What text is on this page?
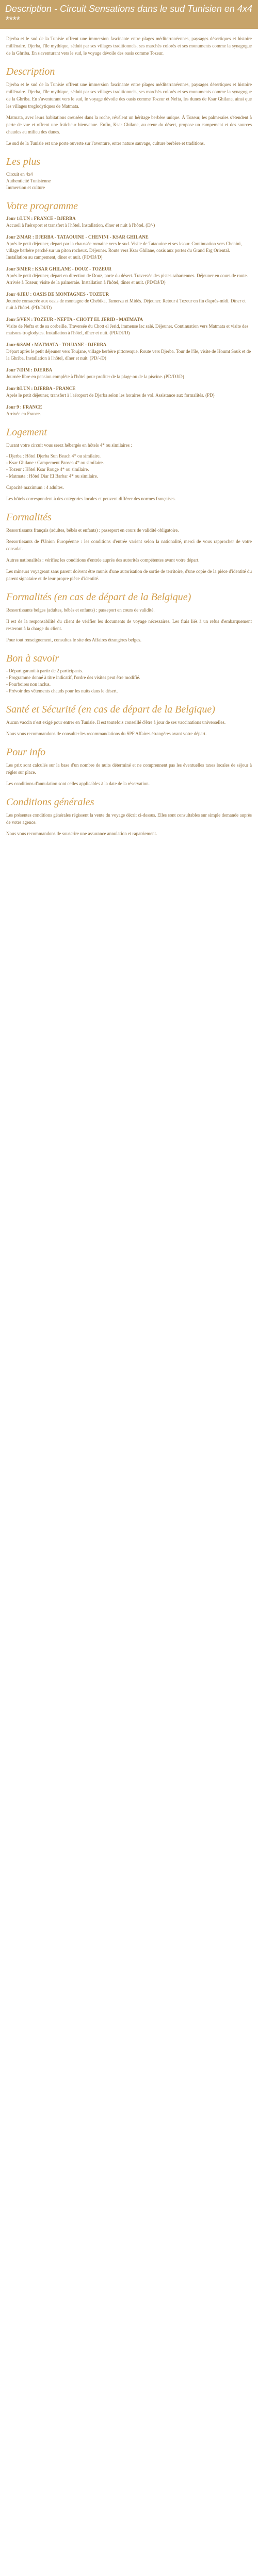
Description - Circuit Sensations dans le sud Tunisien en 4x4 ****

Djerba et le sud de la Tunisie offrent une immersion fascinante entre plages méditerranéennes, paysages désertiques et histoire millénaire. Djerba, l'île mythique, séduit par ses villages traditionnels, ses marchés colorés et ses monuments comme la synagogue de la Ghriba. En s'aventurant vers le sud, le voyage dévoile des oasis comme Tozeur.

Description

Djerba et le sud de la Tunisie offrent une immersion fascinante entre plages méditerranéennes, paysages désertiques et histoire millénaire. Djerba, l'île mythique, séduit par ses villages traditionnels, ses marchés colorés et ses monuments comme la synagogue de la Ghriba. En s'aventurant vers le sud, le voyage dévoile des oasis comme Tozeur et Nefta, les dunes de Ksar Ghilane, ainsi que les villages troglodytiques de Matmata.

Matmata, avec leurs habitations creusées dans la roche, révèlent un héritage berbère unique. À Tozeur, les palmeraies s'étendent à perte de vue et offrent une fraîcheur bienvenue. Enfin, Ksar Ghilane, au cœur du désert, propose un campement et des sources chaudes au milieu des dunes.

Le sud de la Tunisie est une porte ouverte sur l'aventure, entre nature sauvage, culture berbère et traditions.

Les plus
Circuit en 4x4
Authenticité Tunisienne
Immersion et culture
Votre programme
Jour 1/LUN : FRANCE - DJERBA
Accueil à l'aéroport et transfert à l'hôtel. Installation, dîner et nuit à l'hôtel. (D/-)
Jour 2/MAR : DJERBA - TATAOUINE - CHENINI - KSAR GHILANE
Après le petit déjeuner, départ par la chaussée romaine vers le sud. Visite de Tataouine et ses ksour. Continuation vers Chenini, village berbère perché sur un piton rocheux. Déjeuner. Route vers Ksar Ghilane, oasis aux portes du Grand Erg Oriental. Installation au campement, dîner et nuit. (PD/DJ/D)
Jour 3/MER : KSAR GHILANE - DOUZ - TOZEUR
Après le petit déjeuner, départ en direction de Douz, porte du désert. Traversée des pistes sahariennes. Déjeuner en cours de route. Arrivée à Tozeur, visite de la palmeraie. Installation à l'hôtel, dîner et nuit. (PD/DJ/D)
Jour 4/JEU : OASIS DE MONTAGNES - TOZEUR
Journée consacrée aux oasis de montagne de Chebika, Tamerza et Midès. Déjeuner. Retour à Tozeur en fin d'après-midi. Dîner et nuit à l'hôtel. (PD/DJ/D)
Jour 5/VEN : TOZEUR - NEFTA - CHOTT EL JERID - MATMATA
Visite de Nefta et de sa corbeille. Traversée du Chott el Jerid, immense lac salé. Déjeuner. Continuation vers Matmata et visite des maisons troglodytes. Installation à l'hôtel, dîner et nuit. (PD/DJ/D)
Jour 6/SAM : MATMATA - TOUJANE - DJERBA
Départ après le petit déjeuner vers Toujane, village berbère pittoresque. Route vers Djerba. Tour de l'île, visite de Houmt Souk et de la Ghriba. Installation à l'hôtel, dîner et nuit. (PD/-/D)
Jour 7/DIM : DJERBA
Journée libre en pension complète à l'hôtel pour profiter de la plage ou de la piscine. (PD/DJ/D)
Jour 8/LUN : DJERBA - FRANCE
Après le petit déjeuner, transfert à l'aéroport de Djerba selon les horaires de vol. Assistance aux formalités. (PD)
Jour 9 : FRANCE
Arrivée en France.
Logement

Durant votre circuit vous serez hébergés en hôtels 4* ou similaires :

- Djerba : Hôtel Djerba Sun Beach 4* ou similaire.
- Ksar Ghilane : Campement Pansea 4* ou similaire.
- Tozeur : Hôtel Ksar Rouge 4* ou similaire.
- Matmata : Hôtel Diar El Barbar 4* ou similaire.

Capacité maximum : 4 adultes.

Les hôtels correspondent à des catégories locales et peuvent différer des normes françaises.

Formalités

Ressortissants français (adultes, bébés et enfants) : passeport en cours de validité obligatoire.

Ressortissants de l'Union Européenne : les conditions d'entrée varient selon la nationalité, merci de vous rapprocher de votre consulat.

Autres nationalités : vérifiez les conditions d'entrée auprès des autorités compétentes avant votre départ.

Les mineurs voyageant sans parent doivent être munis d'une autorisation de sortie de territoire, d'une copie de la pièce d'identité du parent signataire et de leur propre pièce d'identité.

Formalités (en cas de départ de la Belgique)

Ressortissants belges (adultes, bébés et enfants) : passeport en cours de validité.

Il est de la responsabilité du client de vérifier les documents de voyage nécessaires. Les frais liés à un refus d'embarquement resteront à la charge du client.

Pour tout renseignement, consultez le site des Affaires étrangères belges.

Bon à savoir
- Départ garanti à partir de 2 participants.
- Programme donné à titre indicatif, l'ordre des visites peut être modifié.
- Pourboires non inclus.
- Prévoir des vêtements chauds pour les nuits dans le désert.
Santé et Sécurité (en cas de départ de la Belgique)

Aucun vaccin n'est exigé pour entrer en Tunisie. Il est toutefois conseillé d'être à jour de ses vaccinations universelles.

Nous vous recommandons de consulter les recommandations du SPF Affaires étrangères avant votre départ.

Pour info

Les prix sont calculés sur la base d'un nombre de nuits déterminé et ne comprennent pas les éventuelles taxes locales de séjour à régler sur place.

Les conditions d'annulation sont celles applicables à la date de la réservation.

Conditions générales

Les présentes conditions générales régissent la vente du voyage décrit ci-dessus. Elles sont consultables sur simple demande auprès de votre agence.

Nous vous recommandons de souscrire une assurance annulation et rapatriement.
